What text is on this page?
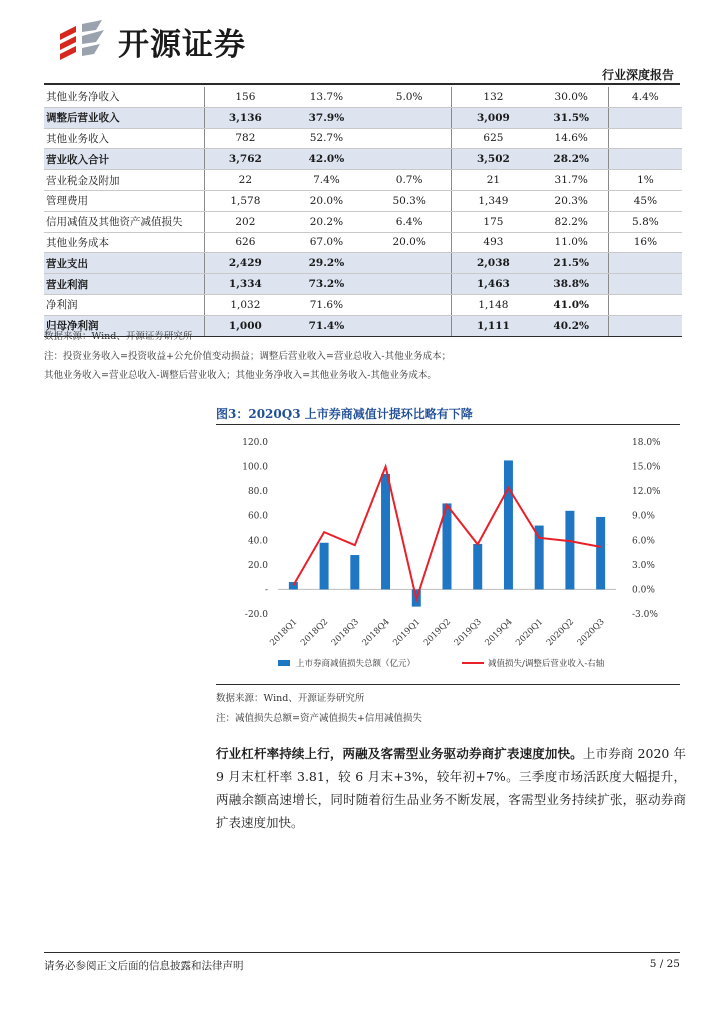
开源证券
行业深度报告
其他业务净收入	156	13.7%	5.0%	132	30.0%	4.4%
调整后营业收入	3,136	37.9%		3,009	31.5%	
其他业务收入	782	52.7%		625	14.6%	
营业收入合计	3,762	42.0%		3,502	28.2%	
营业税金及附加	22	7.4%	0.7%	21	31.7%	1%
管理费用	1,578	20.0%	50.3%	1,349	20.3%	45%
信用减值及其他资产减值损失	202	20.2%	6.4%	175	82.2%	5.8%
其他业务成本	626	67.0%	20.0%	493	11.0%	16%
营业支出	2,429	29.2%		2,038	21.5%	
营业利润	1,334	73.2%		1,463	38.8%	
净利润	1,032	71.6%		1,148	41.0%	
归母净利润	1,000	71.4%		1,111	40.2%	
数据来源：Wind、开源证券研究所
注：投资业务收入=投资收益+公允价值变动损益；调整后营业收入=营业总收入-其他业务成本；
其他业务收入=营业总收入-调整后营业收入；其他业务净收入=其他业务收入-其他业务成本。
图3：2020Q3 上市券商减值计提环比略有下降
-20.0
-
20.0
40.0
60.0
80.0
100.0
120.0
-3.0%
0.0%
3.0%
6.0%
9.0%
12.0%
15.0%
18.0%
2018Q1 2018Q2 2018Q3 2018Q4 2019Q1 2019Q2 2019Q3 2019Q4 2020Q1 2020Q2 2020Q3
上市券商减值损失总额（亿元）	减值损失/调整后营业收入-右轴
数据来源：Wind、开源证券研究所
注：减值损失总额=资产减值损失+信用减值损失
行业杠杆率持续上行，两融及客需型业务驱动券商扩表速度加快。上市券商 2020 年 9 月末杠杆率 3.81，较 6 月末+3%，较年初+7%。三季度市场活跃度大幅提升，两融余额高速增长，同时随着衍生品业务不断发展，客需型业务持续扩张，驱动券商扩表速度加快。
请务必参阅正文后面的信息披露和法律声明	5 / 25
